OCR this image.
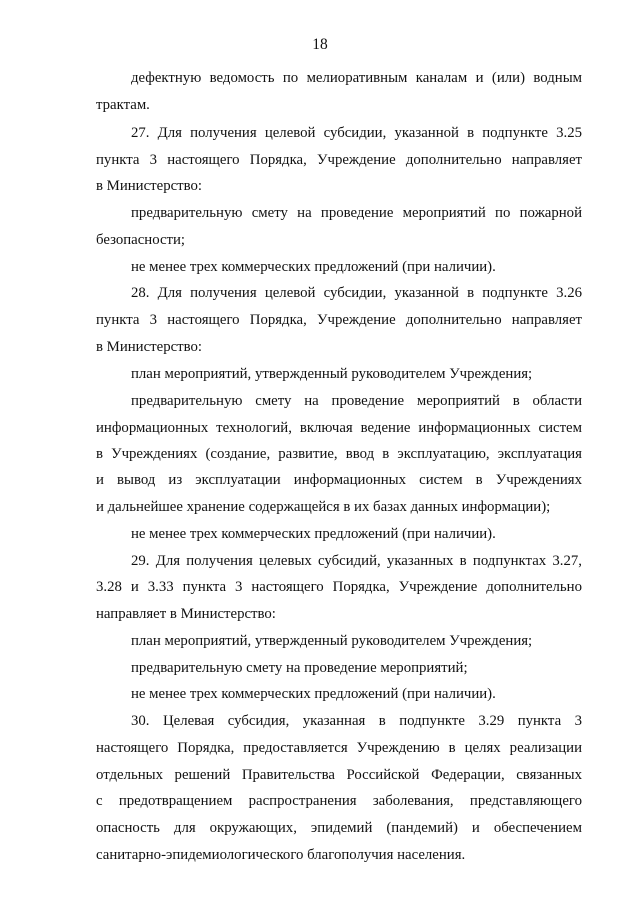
18
дефектную ведомость по мелиоративным каналам и (или) водным
трактам.
27. Для получения целевой субсидии, указанной в подпункте 3.25
пункта 3 настоящего Порядка, Учреждение дополнительно направляет
в Министерство:
предварительную смету на проведение мероприятий по пожарной
безопасности;
не менее трех коммерческих предложений (при наличии).
28. Для получения целевой субсидии, указанной в подпункте 3.26
пункта 3 настоящего Порядка, Учреждение дополнительно направляет
в Министерство:
план мероприятий, утвержденный руководителем Учреждения;
предварительную смету на проведение мероприятий в области
информационных технологий, включая ведение информационных систем
в Учреждениях (создание, развитие, ввод в эксплуатацию, эксплуатация
и вывод из эксплуатации информационных систем в Учреждениях
и дальнейшее хранение содержащейся в их базах данных информации);
не менее трех коммерческих предложений (при наличии).
29. Для получения целевых субсидий, указанных в подпунктах 3.27,
3.28 и 3.33 пункта 3 настоящего Порядка, Учреждение дополнительно
направляет в Министерство:
план мероприятий, утвержденный руководителем Учреждения;
предварительную смету на проведение мероприятий;
не менее трех коммерческих предложений (при наличии).
30. Целевая субсидия, указанная в подпункте 3.29 пункта 3
настоящего Порядка, предоставляется Учреждению в целях реализации
отдельных решений Правительства Российской Федерации, связанных
с предотвращением распространения заболевания, представляющего
опасность для окружающих, эпидемий (пандемий) и обеспечением
санитарно-эпидемиологического благополучия населения.
